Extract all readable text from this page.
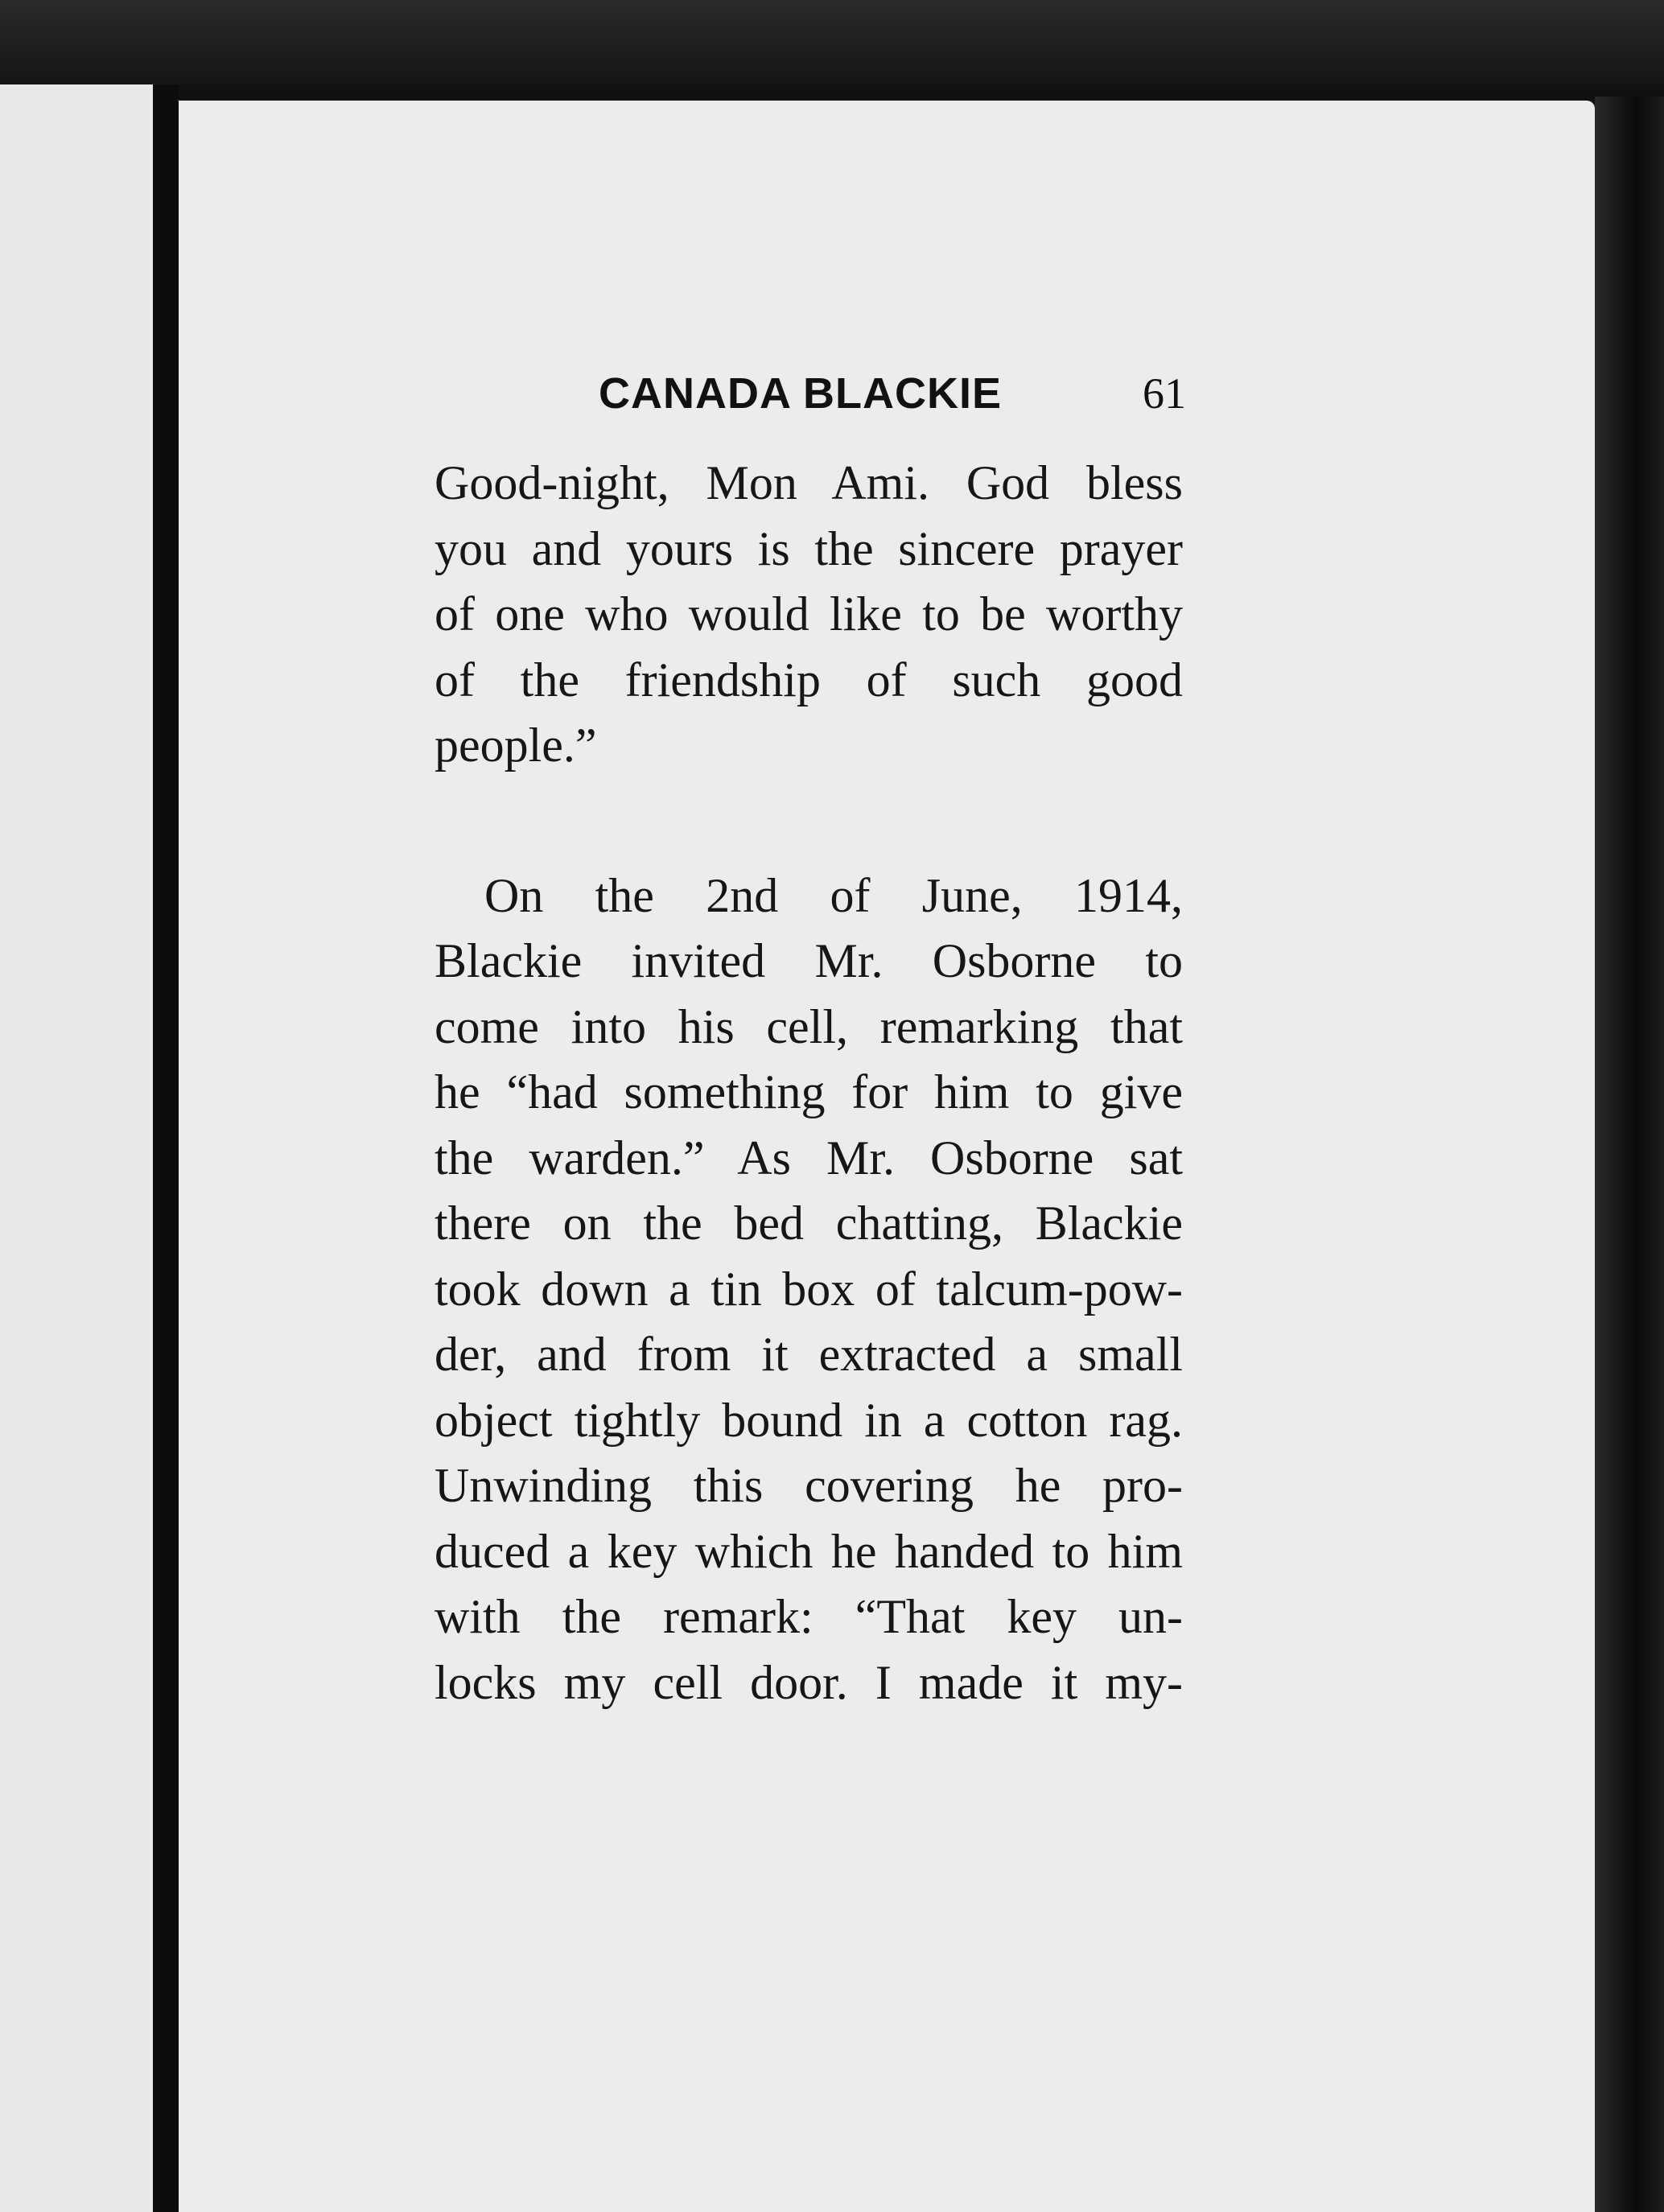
CANADA BLACKIE	61
Good-night, Mon Ami. God bless
you and yours is the sincere prayer
of one who would like to be worthy
of the friendship of such good
people.”
On the 2nd of June, 1914,
Blackie invited Mr. Osborne to
come into his cell, remarking that
he “had something for him to give
the warden.” As Mr. Osborne sat
there on the bed chatting, Blackie
took down a tin box of talcum-pow-
der, and from it extracted a small
object tightly bound in a cotton rag.
Unwinding this covering he pro-
duced a key which he handed to him
with the remark: “That key un-
locks my cell door. I made it my-
